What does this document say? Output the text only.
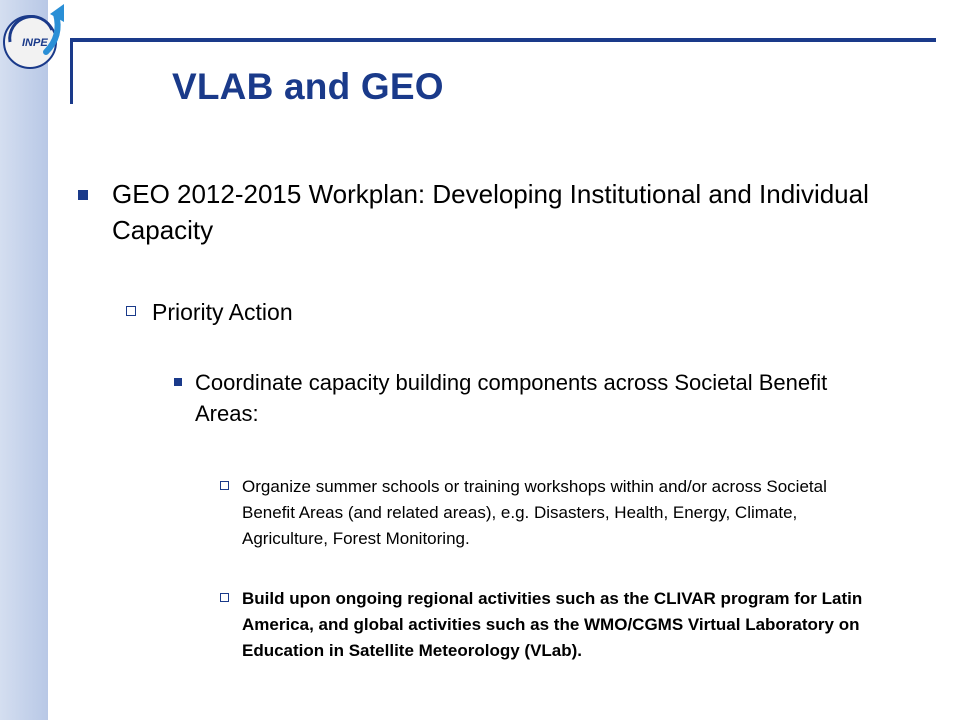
INPE
VLAB and GEO
GEO 2012-2015 Workplan: Developing Institutional and Individual Capacity
Priority Action
Coordinate capacity building components across Societal Benefit Areas:
Organize summer schools or training workshops within and/or across Societal Benefit Areas (and related areas), e.g. Disasters, Health, Energy, Climate, Agriculture, Forest Monitoring.
Build upon ongoing regional activities such as the CLIVAR program for Latin America, and global activities such as the WMO/CGMS Virtual Laboratory on Education in Satellite Meteorology (VLab).
